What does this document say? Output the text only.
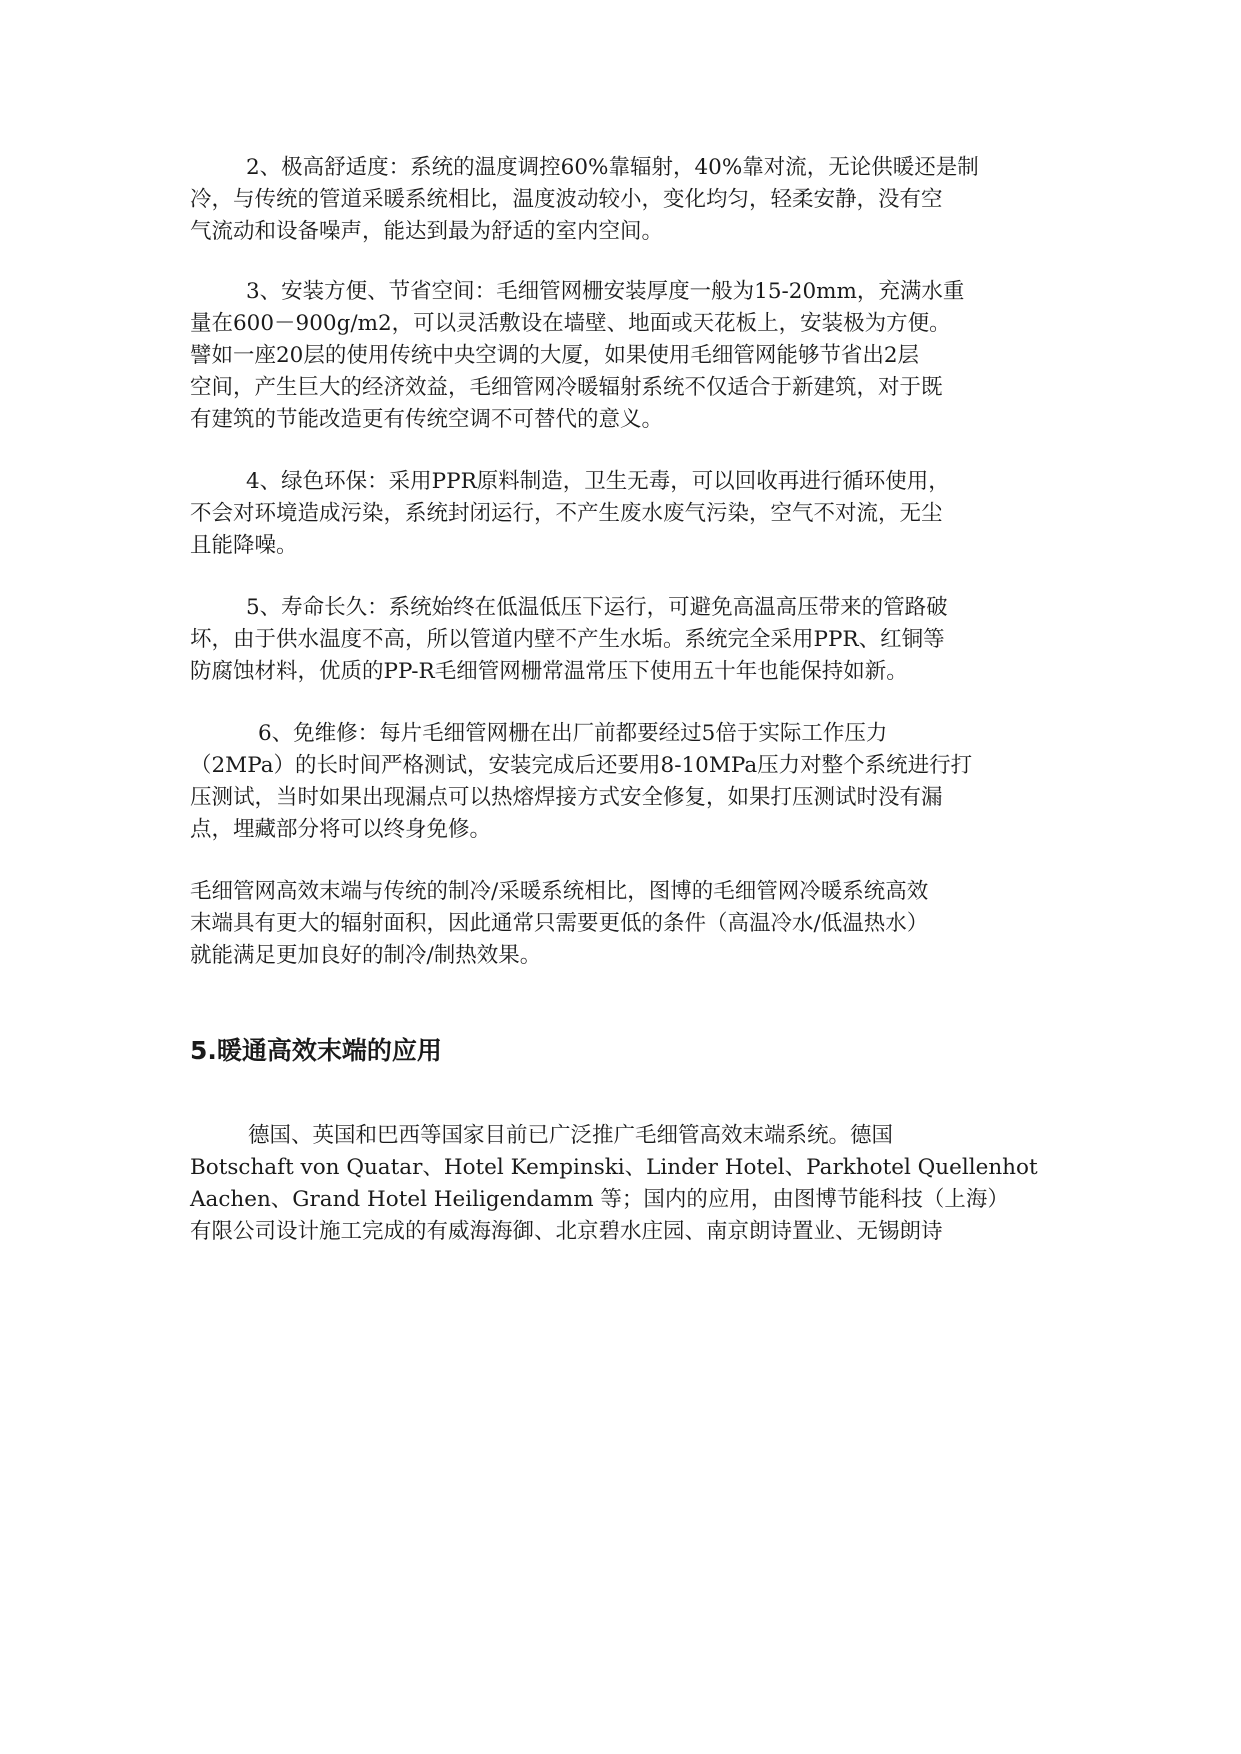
2、极高舒适度：系统的温度调控60%靠辐射，40%靠对流，无论供暖还是制
冷，与传统的管道采暖系统相比，温度波动较小，变化均匀，轻柔安静，没有空
气流动和设备噪声，能达到最为舒适的室内空间。

3、安装方便、节省空间：毛细管网栅安装厚度一般为15-20mm，充满水重
量在600－900g/m2，可以灵活敷设在墙壁、地面或天花板上，安装极为方便。
譬如一座20层的使用传统中央空调的大厦，如果使用毛细管网能够节省出2层
空间，产生巨大的经济效益，毛细管网冷暖辐射系统不仅适合于新建筑，对于既
有建筑的节能改造更有传统空调不可替代的意义。

4、绿色环保：采用PPR原料制造，卫生无毒，可以回收再进行循环使用，
不会对环境造成污染，系统封闭运行，不产生废水废气污染，空气不对流，无尘
且能降噪。

5、寿命长久：系统始终在低温低压下运行，可避免高温高压带来的管路破
坏，由于供水温度不高，所以管道内壁不产生水垢。系统完全采用PPR、红铜等
防腐蚀材料，优质的PP-R毛细管网栅常温常压下使用五十年也能保持如新。

6、免维修：每片毛细管网栅在出厂前都要经过5倍于实际工作压力
（2MPa）的长时间严格测试，安装完成后还要用8-10MPa压力对整个系统进行打
压测试，当时如果出现漏点可以热熔焊接方式安全修复，如果打压测试时没有漏
点，埋藏部分将可以终身免修。

毛细管网高效末端与传统的制冷/采暖系统相比，图博的毛细管网冷暖系统高效
末端具有更大的辐射面积，因此通常只需要更低的条件（高温冷水/低温热水）
就能满足更加良好的制冷/制热效果。

5.暖通高效末端的应用

德国、英国和巴西等国家目前已广泛推广毛细管高效末端系统。德国
Botschaft von Quatar、Hotel Kempinski、Linder Hotel、Parkhotel Quellenhot
Aachen、Grand Hotel Heiligendamm 等；国内的应用，由图博节能科技（上海）
有限公司设计施工完成的有威海海御、北京碧水庄园、南京朗诗置业、无锡朗诗
